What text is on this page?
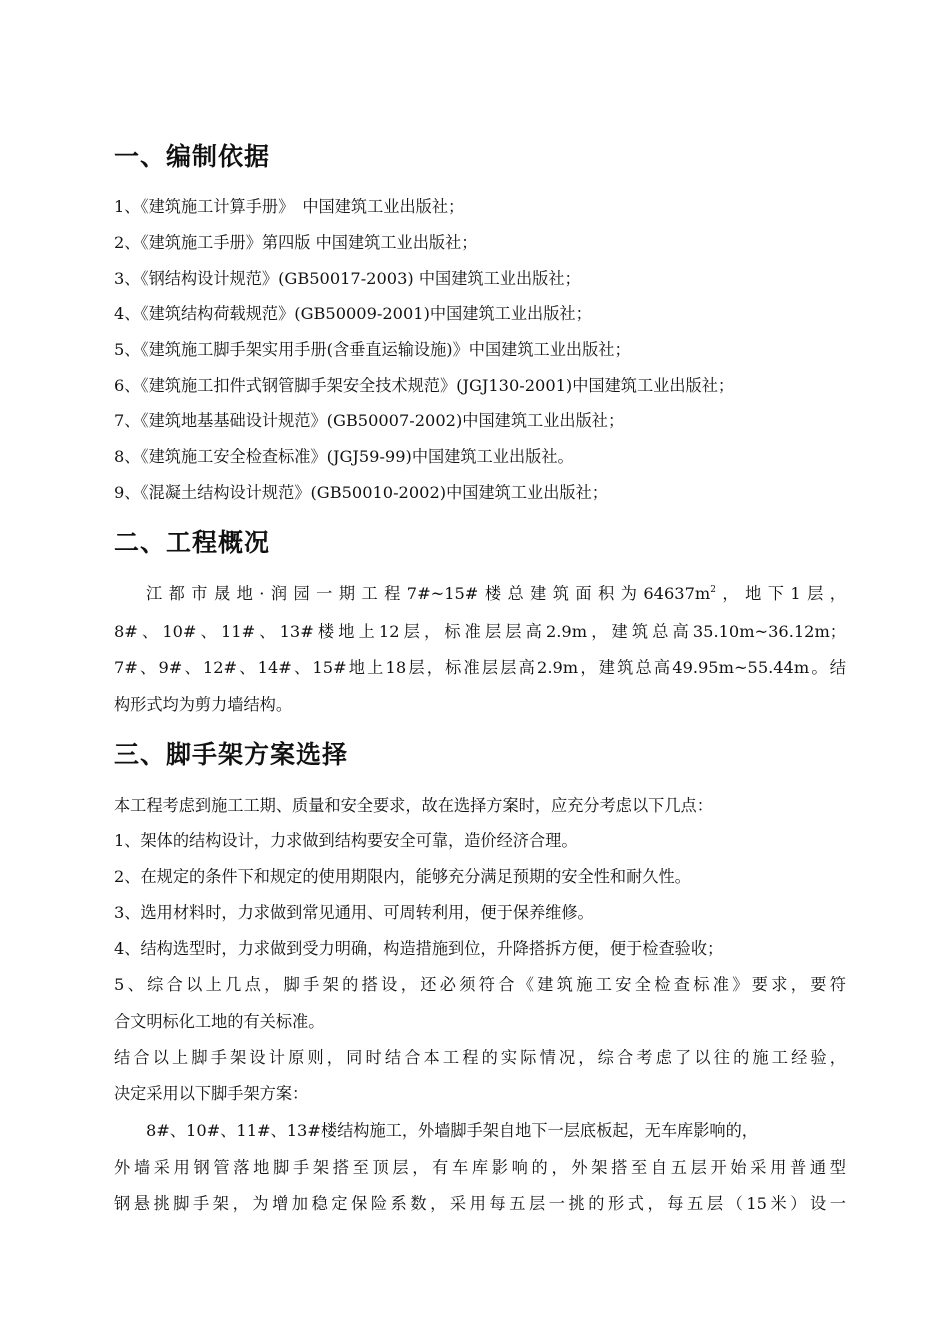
一、编制依据

1、《建筑施工计算手册》　中国建筑工业出版社；

2、《建筑施工手册》第四版 中国建筑工业出版社；

3、《钢结构设计规范》(GB50017-2003) 中国建筑工业出版社；

4、《建筑结构荷载规范》(GB50009-2001)中国建筑工业出版社；

5、《建筑施工脚手架实用手册(含垂直运输设施)》中国建筑工业出版社；

6、《建筑施工扣件式钢管脚手架安全技术规范》(JGJ130-2001)中国建筑工业出版社；

7、《建筑地基基础设计规范》(GB50007-2002)中国建筑工业出版社；

8、《建筑施工安全检查标准》(JGJ59-99)中国建筑工业出版社。

9、《混凝土结构设计规范》(GB50010-2002)中国建筑工业出版社；

二、工程概况

江都市晟地·润园一期工程7#~15#楼总建筑面积为$64637m^2$，地下1层，

8#、10#、11#、13#楼地上12层，标准层层高2.9m，建筑总高35.10m~36.12m；

7#、9#、12#、14#、15#地上18层，标准层层高2.9m，建筑总高49.95m~55.44m。结

构形式均为剪力墙结构。

三、脚手架方案选择

本工程考虑到施工工期、质量和安全要求，故在选择方案时，应充分考虑以下几点：

1、架体的结构设计，力求做到结构要安全可靠，造价经济合理。

2、在规定的条件下和规定的使用期限内，能够充分满足预期的安全性和耐久性。

3、选用材料时，力求做到常见通用、可周转利用，便于保养维修。

4、结构选型时，力求做到受力明确，构造措施到位，升降搭拆方便，便于检查验收；

5、综合以上几点，脚手架的搭设，还必须符合《建筑施工安全检查标准》要求，要符

合文明标化工地的有关标准。

结合以上脚手架设计原则，同时结合本工程的实际情况，综合考虑了以往的施工经验，

决定采用以下脚手架方案：

8#、10#、11#、13#楼结构施工，外墙脚手架自地下一层底板起，无车库影响的，

外墙采用钢管落地脚手架搭至顶层，有车库影响的，外架搭至自五层开始采用普通型

钢悬挑脚手架，为增加稳定保险系数，采用每五层一挑的形式，每五层（15米）设一
